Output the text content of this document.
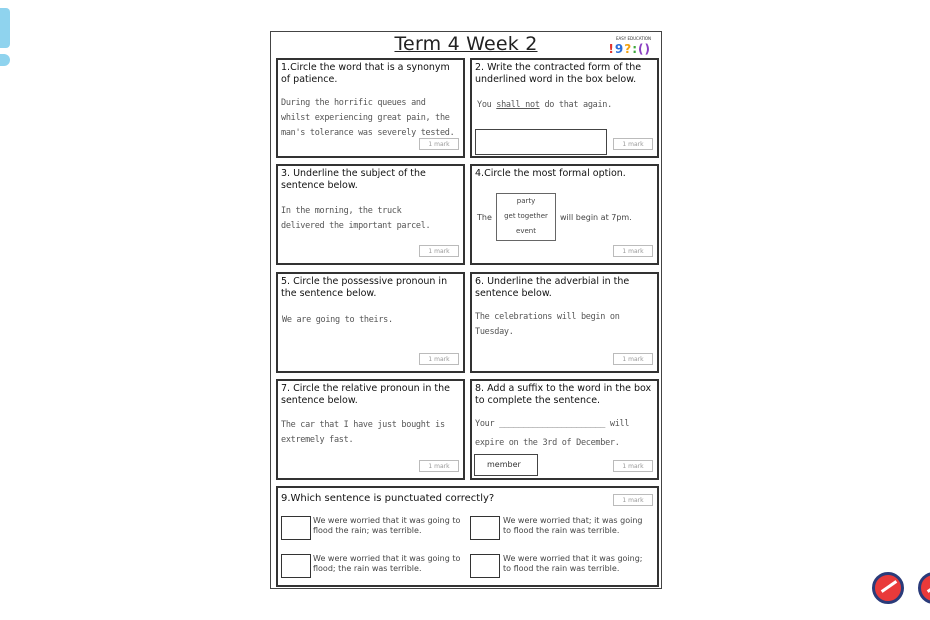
Term 4 Week 2	EASY EDUCATION
!9?:()
1.Circle the word that is a synonym of patience.
During the horrific queues and whilst experiencing great pain, the man's tolerance was severely tested.
1 mark
2. Write the contracted form of the underlined word in the box below.
You shall not do that again.
1 mark
3. Underline the subject of the sentence below.
In the morning, the truck delivered the important parcel.
1 mark
4.Circle the most formal option.
The
party
get together
event
will begin at 7pm.
1 mark
5. Circle the possessive pronoun in the sentence below.
We are going to theirs.
1 mark
6. Underline the adverbial in the sentence below.
The celebrations will begin on Tuesday.
1 mark
7. Circle the relative pronoun in the sentence below.
The car that I have just bought is extremely fast.
1 mark
8. Add a suffix to the word in the box to complete the sentence.
Your ______________________ will
expire on the 3rd of December.
member	1 mark
9.Which sentence is punctuated correctly?	1 mark
We were worried that it was going to flood the rain; was terrible.
We were worried that; it was going to flood the rain was terrible.
We were worried that it was going to flood; the rain was terrible.
We were worried that it was going; to flood the rain was terrible.
